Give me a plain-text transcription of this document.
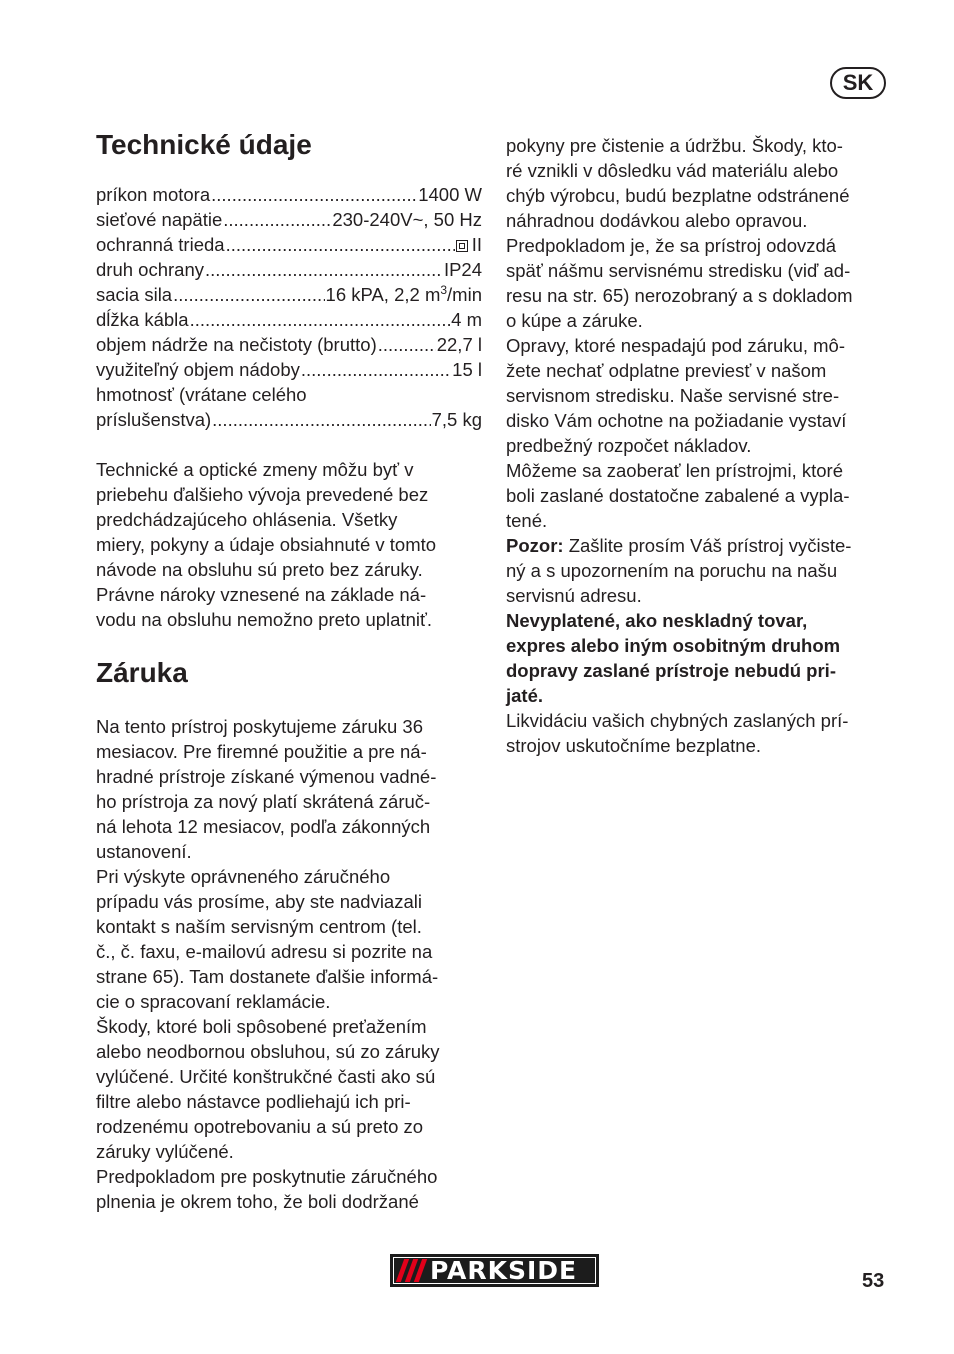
SK
Technické údaje
príkon motora .....	1400 W
sieťové napätie .....	230-240V~, 50 Hz
ochranná trieda .....	II
druh ochrany .....	IP24
sacia sila .....	16 kPA, 2,2 $m^3/\min$
dĺžka kábla .....	4 m
objem nádrže na nečistoty (brutto) .....	22,7 l
využiteľný objem nádoby .....	15 l
hmotnosť (vrátane celého
príslušenstva) .....	7,5 kg
Technické a optické zmeny môžu byť v
priebehu ďalšieho vývoja prevedené bez
predchádzajúceho ohlásenia. Všetky
miery, pokyny a údaje obsiahnuté v tomto
návode na obsluhu sú preto bez záruky.
Právne nároky vznesené na základe ná-
vodu na obsluhu nemožno preto uplatniť.
Záruka
Na tento prístroj poskytujeme záruku 36
mesiacov. Pre firemné použitie a pre ná-
hradné prístroje získané výmenou vadné-
ho prístroja za nový platí skrátená záruč-
ná lehota 12 mesiacov, podľa zákonných
ustanovení.
Pri výskyte oprávneného záručného
prípadu vás prosíme, aby ste nadviazali
kontakt s naším servisným centrom (tel.
č., č. faxu, e-mailovú adresu si pozrite na
strane 65). Tam dostanete ďalšie informá-
cie o spracovaní reklamácie.
Škody, ktoré boli spôsobené preťažením
alebo neodbornou obsluhou, sú zo záruky
vylúčené. Určité konštrukčné časti ako sú
filtre alebo nástavce podliehajú ich pri-
rodzenému opotrebovaniu a sú preto zo
záruky vylúčené.
Predpokladom pre poskytnutie záručného
plnenia je okrem toho, že boli dodržané
pokyny pre čistenie a údržbu. Škody, kto-
ré vznikli v dôsledku vád materiálu alebo
chýb výrobcu, budú bezplatne odstránené
náhradnou dodávkou alebo opravou.
Predpokladom je, že sa prístroj odovzdá
späť nášmu servisnému stredisku (viď ad-
resu na str. 65) nerozobraný a s dokladom
o kúpe a záruke.
Opravy, ktoré nespadajú pod záruku, mô-
žete nechať odplatne previesť v našom
servisnom stredisku. Naše servisné stre-
disko Vám ochotne na požiadanie vystaví
predbežný rozpočet nákladov.
Môžeme sa zaoberať len prístrojmi, ktoré
boli zaslané dostatočne zabalené a vypla-
tené.
Pozor: Zašlite prosím Váš prístroj vyčiste-
ný a s upozornením na poruchu na našu
servisnú adresu.
Nevyplatené, ako neskladný tovar,
expres alebo iným osobitným druhom
dopravy zaslané prístroje nebudú pri-
jaté.
Likvidáciu vašich chybných zaslaných prí-
strojov uskutočníme bezplatne.
PARKSIDE	53
